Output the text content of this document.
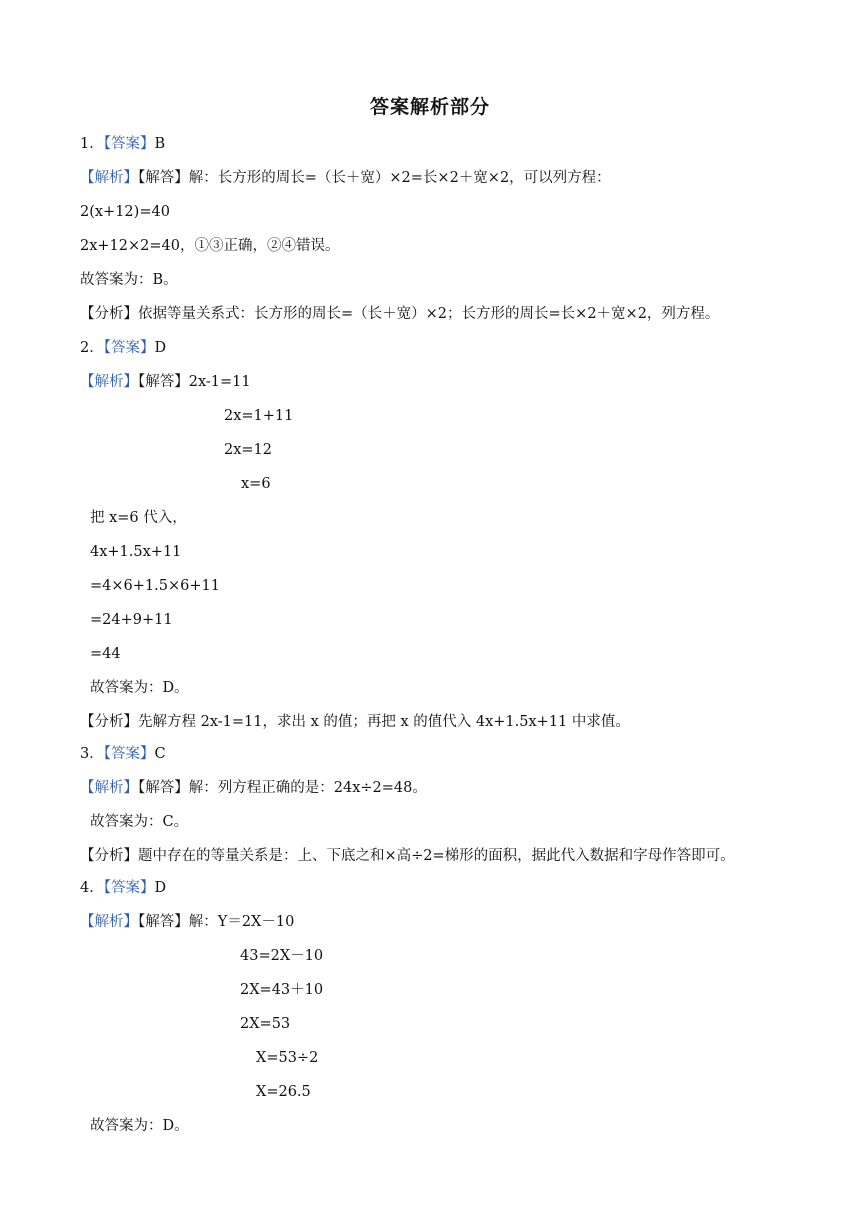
答案解析部分
1．【答案】B
【解析】【解答】解：长方形的周长=（长＋宽）×2=长×2＋宽×2，可以列方程：
2(x+12)=40
2x+12×2=40，①③正确，②④错误。
故答案为：B。
【分析】依据等量关系式：长方形的周长=（长＋宽）×2；长方形的周长=长×2＋宽×2，列方程。
2．【答案】D
【解析】【解答】2x-1=11
2x=1+11
2x=12
x=6
把 x=6 代入，
4x+1.5x+11
=4×6+1.5×6+11
=24+9+11
=44
故答案为：D。
【分析】先解方程 2x-1=11，求出 x 的值；再把 x 的值代入 4x+1.5x+11 中求值。
3．【答案】C
【解析】【解答】解：列方程正确的是：24x÷2=48。
故答案为：C。
【分析】题中存在的等量关系是：上、下底之和×高÷2=梯形的面积，据此代入数据和字母作答即可。
4．【答案】D
【解析】【解答】解：Y＝2X－10
43=2X－10
2X=43＋10
2X=53
X=53÷2
X=26.5
故答案为：D。
